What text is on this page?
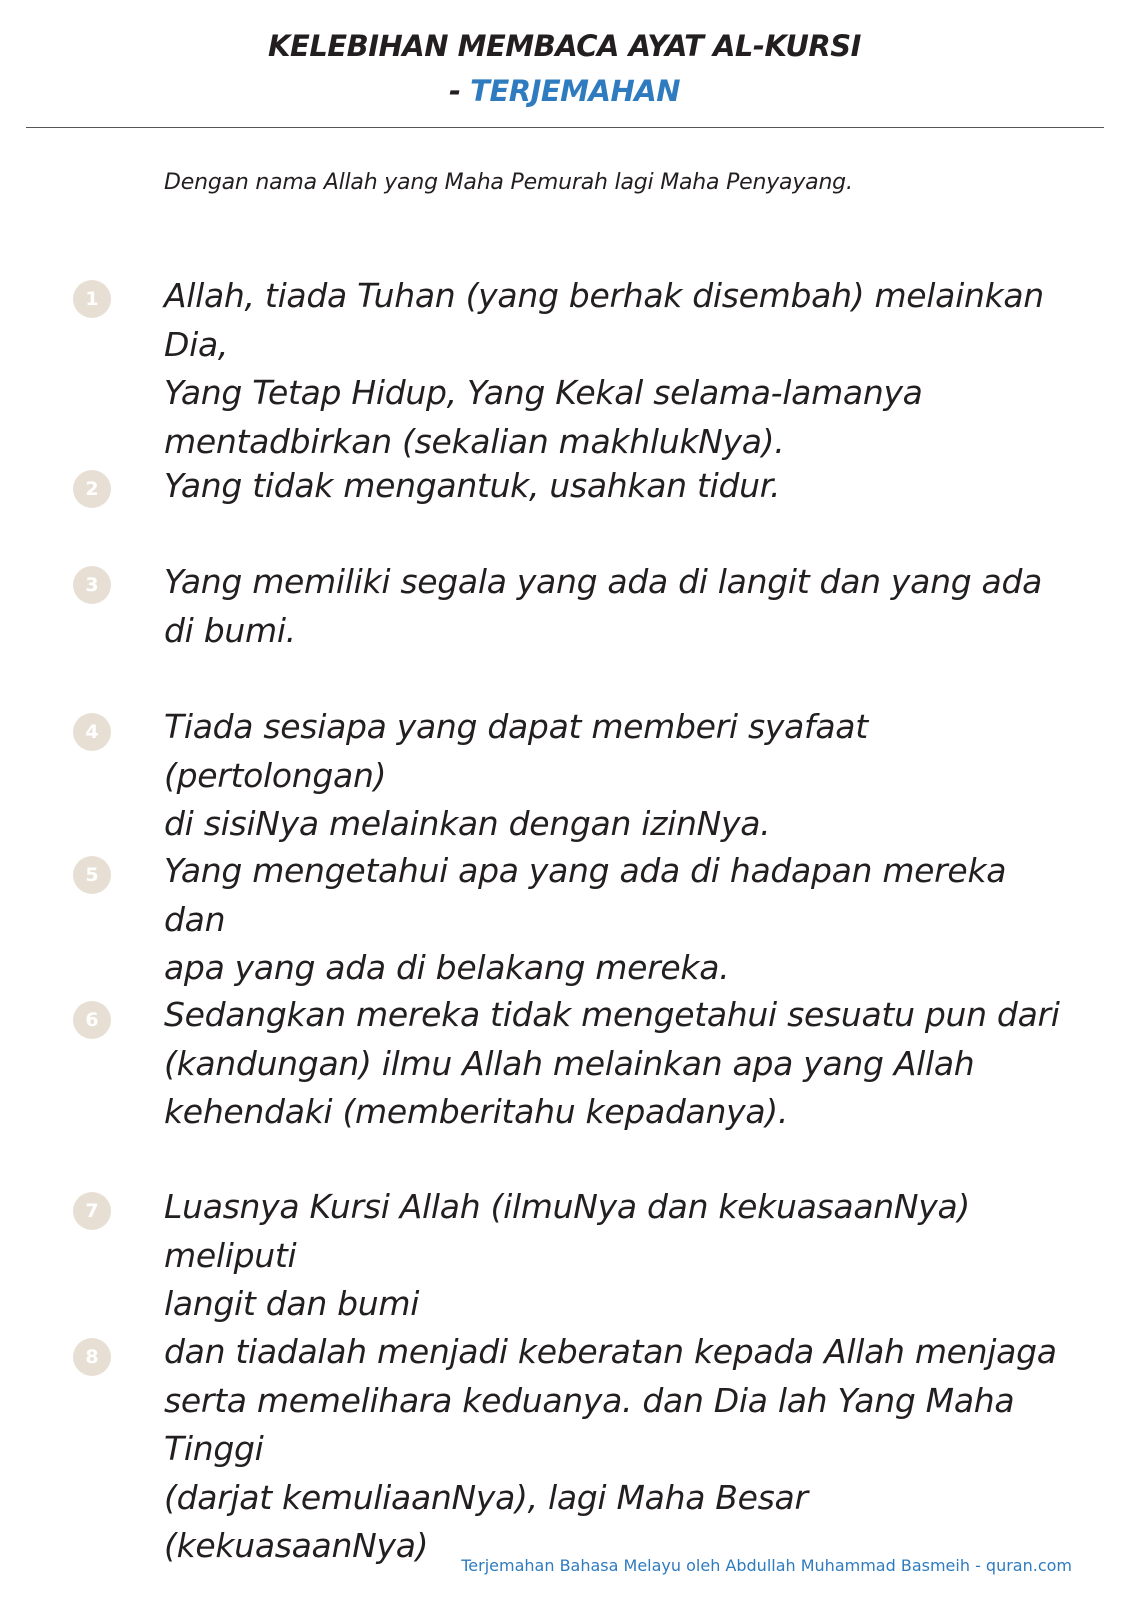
KELEBIHAN MEMBACA AYAT AL-KURSI
- TERJEMAHAN
Dengan nama Allah yang Maha Pemurah lagi Maha Penyayang.
1	Allah, tiada Tuhan (yang berhak disembah) melainkan Dia,
Yang Tetap Hidup, Yang Kekal selama-lamanya
mentadbirkan (sekalian makhlukNya).
2	Yang tidak mengantuk, usahkan tidur.
3	Yang memiliki segala yang ada di langit dan yang ada
di bumi.
4	Tiada sesiapa yang dapat memberi syafaat (pertolongan)
di sisiNya melainkan dengan izinNya.
5	Yang mengetahui apa yang ada di hadapan mereka dan
apa yang ada di belakang mereka.
6	Sedangkan mereka tidak mengetahui sesuatu pun dari
(kandungan) ilmu Allah melainkan apa yang Allah
kehendaki (memberitahu kepadanya).
7	Luasnya Kursi Allah (ilmuNya dan kekuasaanNya) meliputi
langit dan bumi
8	dan tiadalah menjadi keberatan kepada Allah menjaga
serta memelihara keduanya. dan Dia lah Yang Maha Tinggi
(darjat kemuliaanNya), lagi Maha Besar (kekuasaanNya)
Terjemahan Bahasa Melayu oleh Abdullah Muhammad Basmeih - quran.com
